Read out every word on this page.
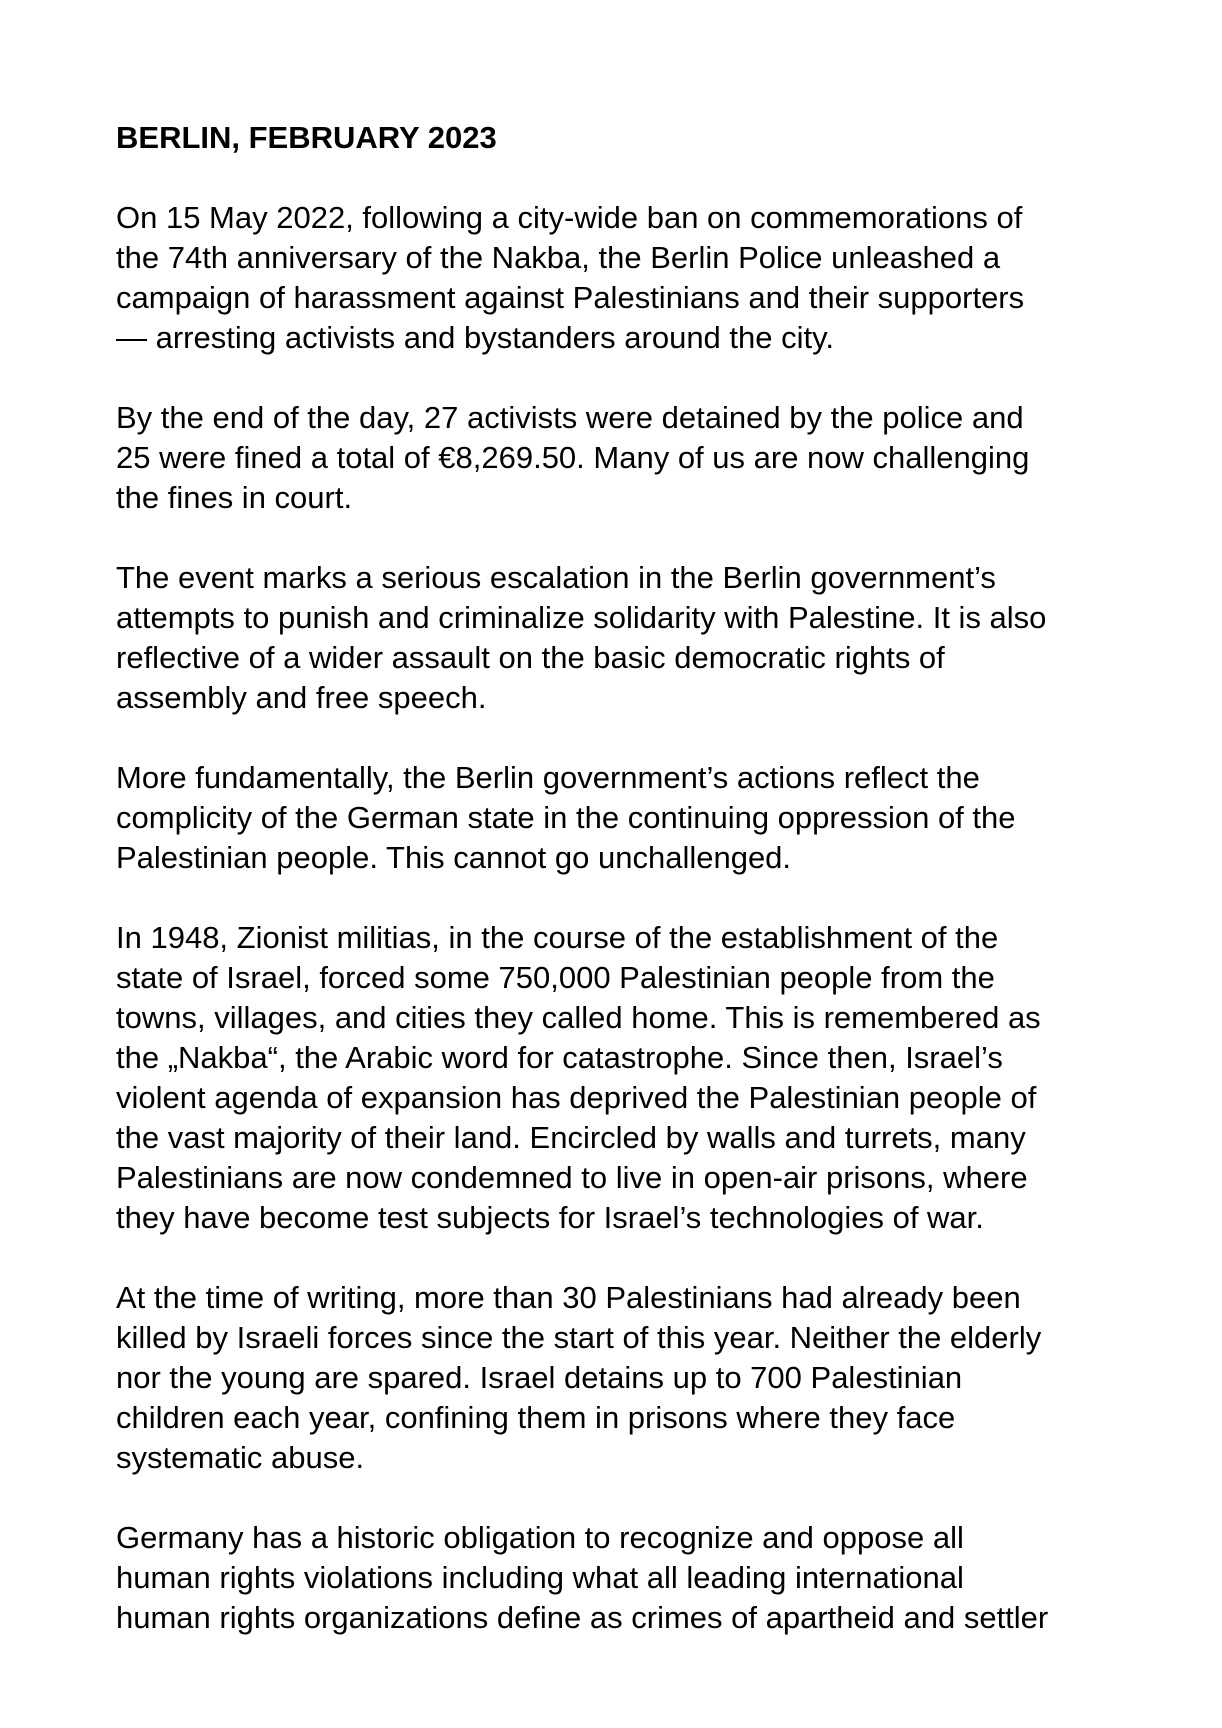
BERLIN, FEBRUARY 2023
On 15 May 2022, following a city-wide ban on commemorations of
the 74th anniversary of the Nakba, the Berlin Police unleashed a
campaign of harassment against Palestinians and their supporters
— arresting activists and bystanders around the city.
By the end of the day, 27 activists were detained by the police and
25 were fined a total of €8,269.50. Many of us are now challenging
the fines in court.
The event marks a serious escalation in the Berlin government’s
attempts to punish and criminalize solidarity with Palestine. It is also
reflective of a wider assault on the basic democratic rights of
assembly and free speech.
More fundamentally, the Berlin government’s actions reflect the
complicity of the German state in the continuing oppression of the
Palestinian people. This cannot go unchallenged.
In 1948, Zionist militias, in the course of the establishment of the
state of Israel, forced some 750,000 Palestinian people from the
towns, villages, and cities they called home. This is remembered as
the „Nakba“, the Arabic word for catastrophe. Since then, Israel’s
violent agenda of expansion has deprived the Palestinian people of
the vast majority of their land. Encircled by walls and turrets, many
Palestinians are now condemned to live in open-air prisons, where
they have become test subjects for Israel’s technologies of war.
At the time of writing, more than 30 Palestinians had already been
killed by Israeli forces since the start of this year. Neither the elderly
nor the young are spared. Israel detains up to 700 Palestinian
children each year, confining them in prisons where they face
systematic abuse.
Germany has a historic obligation to recognize and oppose all
human rights violations including what all leading international
human rights organizations define as crimes of apartheid and settler
